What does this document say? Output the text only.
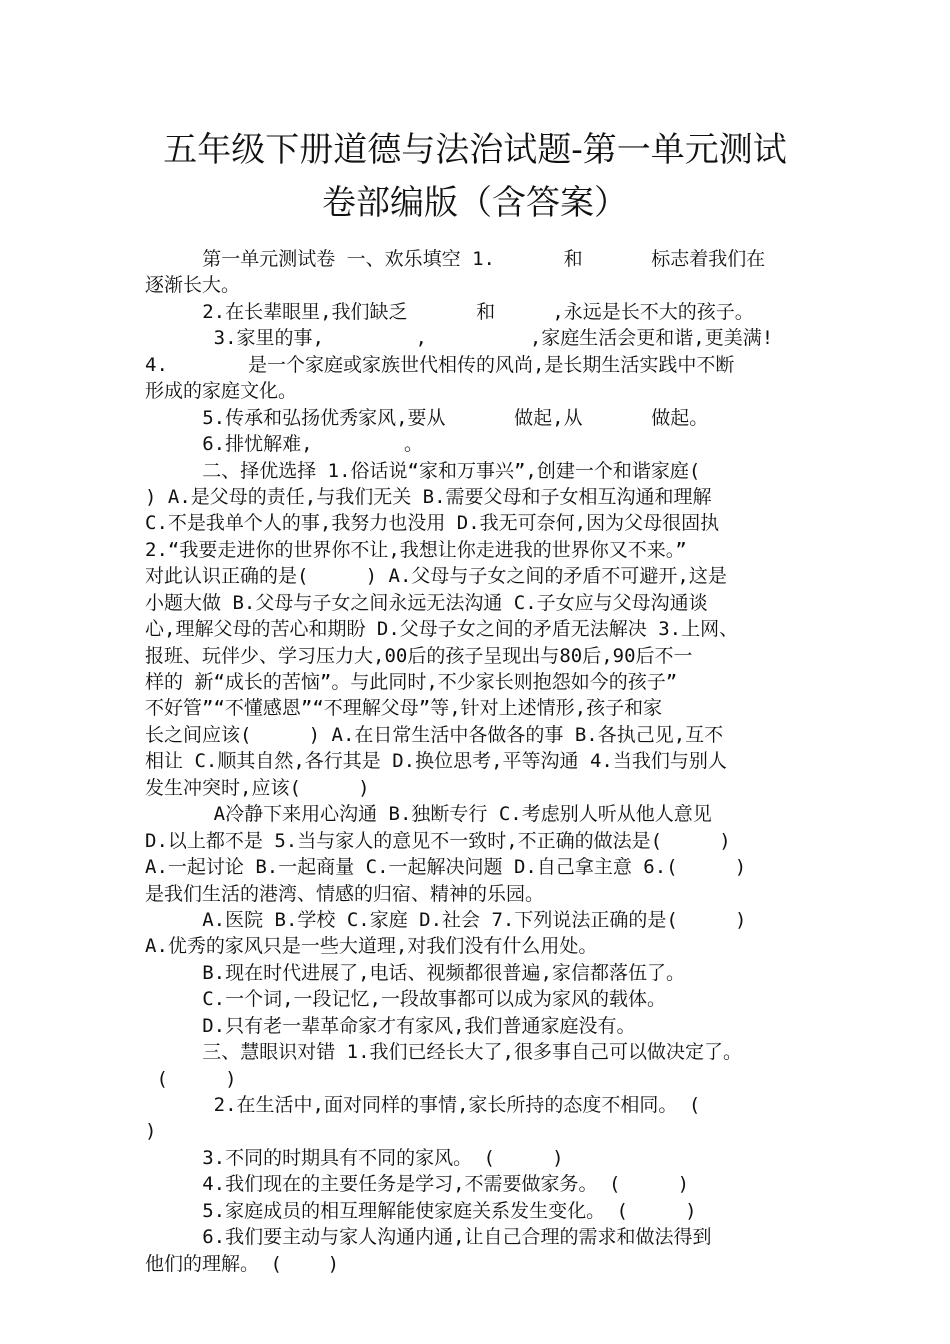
五年级下册道德与法治试题-第一单元测试
卷部编版（含答案）
第一单元测试卷 一、欢乐填空 1.      和      标志着我们在
逐渐长大。
2.在长辈眼里,我们缺乏      和     ,永远是长不大的孩子。
3.家里的事,        ,         ,家庭生活会更和谐,更美满!
4.       是一个家庭或家族世代相传的风尚,是长期生活实践中不断
形成的家庭文化。
5.传承和弘扬优秀家风,要从      做起,从      做起。
6.排忧解难,        。
二、择优选择 1.俗话说“家和万事兴”,创建一个和谐家庭(
) A.是父母的责任,与我们无关 B.需要父母和子女相互沟通和理解
C.不是我单个人的事,我努力也没用 D.我无可奈何,因为父母很固执
2.“我要走进你的世界你不让,我想让你走进我的世界你又不来。”
对此认识正确的是(     ) A.父母与子女之间的矛盾不可避开,这是
小题大做 B.父母与子女之间永远无法沟通 C.子女应与父母沟通谈
心,理解父母的苦心和期盼 D.父母子女之间的矛盾无法解决 3.上网、
报班、玩伴少、学习压力大,00后的孩子呈现出与80后,90后不一
样的 新“成长的苦恼”。与此同时,不少家长则抱怨如今的孩子”
不好管”“不懂感恩”“不理解父母”等,针对上述情形,孩子和家
长之间应该(     ) A.在日常生活中各做各的事 B.各执己见,互不
相让 C.顺其自然,各行其是 D.换位思考,平等沟通 4.当我们与别人
发生冲突时,应该(     )
A冷静下来用心沟通 B.独断专行 C.考虑别人听从他人意见
D.以上都不是 5.当与家人的意见不一致时,不正确的做法是(     )
A.一起讨论 B.一起商量 C.一起解决问题 D.自己拿主意 6.(     )
是我们生活的港湾、情感的归宿、精神的乐园。
A.医院 B.学校 C.家庭 D.社会 7.下列说法正确的是(     )
A.优秀的家风只是一些大道理,对我们没有什么用处。
B.现在时代进展了,电话、视频都很普遍,家信都落伍了。
C.一个词,一段记忆,一段故事都可以成为家风的载体。
D.只有老一辈革命家才有家风,我们普通家庭没有。
三、慧眼识对错 1.我们已经长大了,很多事自己可以做决定了。
(     )
2.在生活中,面对同样的事情,家长所持的态度不相同。 (
)
3.不同的时期具有不同的家风。 (     )
4.我们现在的主要任务是学习,不需要做家务。 (     )
5.家庭成员的相互理解能使家庭关系发生变化。 (     )
6.我们要主动与家人沟通内通,让自己合理的需求和做法得到
他们的理解。 (    )
